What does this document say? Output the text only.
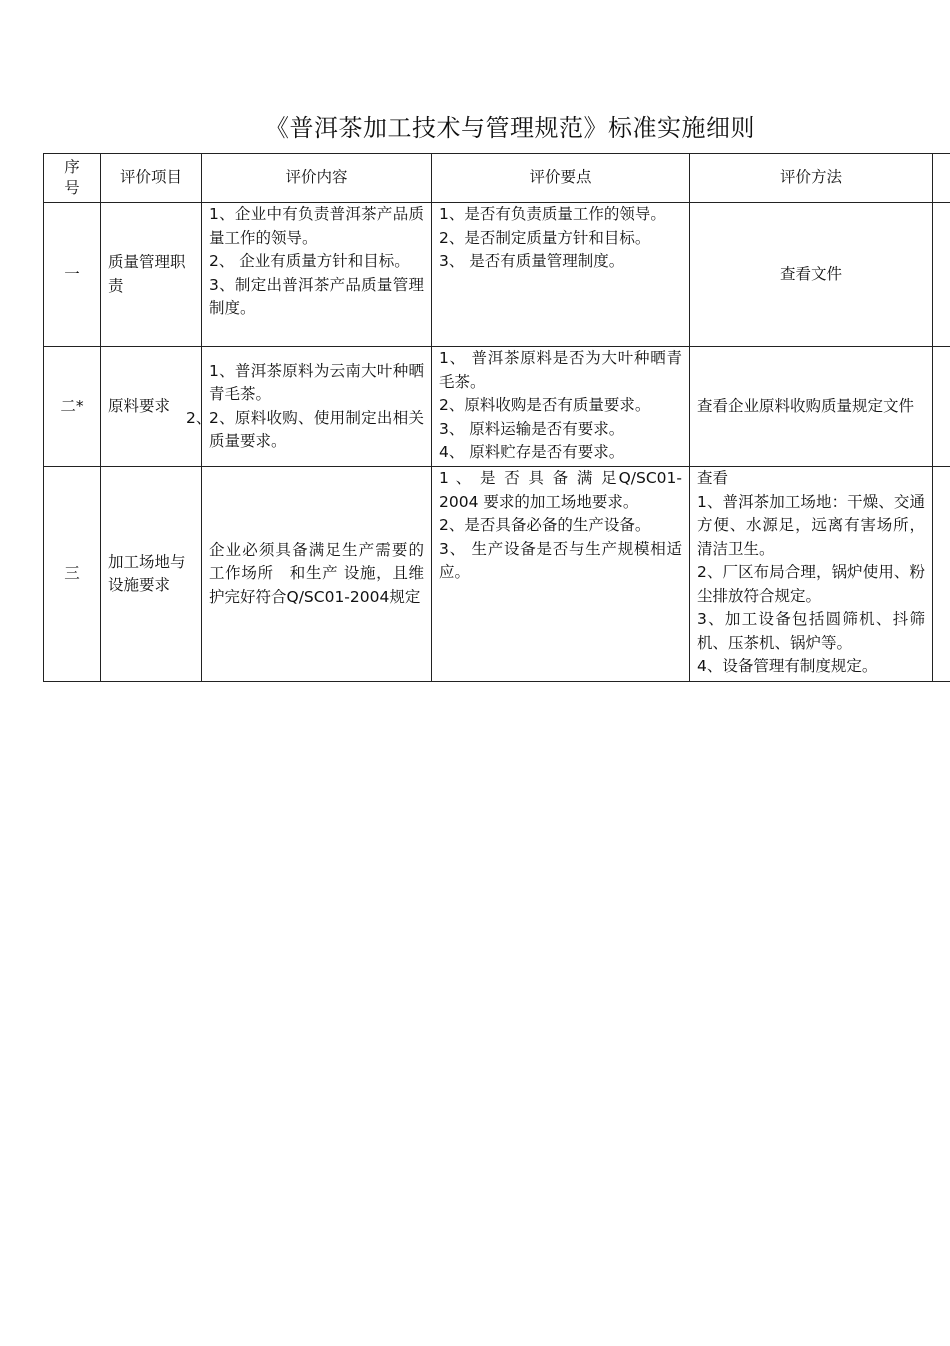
《普洱茶加工技术与管理规范》标准实施细则
序
号	评价项目	评价内容	评价要点	评价方法	
一	质量管理职责	1、企业中有负责普洱茶产品质量工作的领导。
2、 企业有质量方针和目标。
3、制定出普洱茶产品质量管理制度。	1、是否有负责质量工作的领导。
2、是否制定质量方针和目标。
3、 是否有质量管理制度。	查看文件	

二*	原料要求	1、普洱茶原料为云南大叶种晒青毛茶。
2、
2、原料收购、使用制定出相关质量要求。	1、 普洱茶原料是否为大叶种晒青毛茶。
2、原料收购是否有质量要求。
3、 原料运输是否有要求。
4、 原料贮存是否有要求。	查看企业原料收购质量规定文件	

三	加工场地与设施要求	企业必须具备满足生产需要的工作场所　和生产 设施，且维护完好符合Q/SC01-2004规定	1 、 是 否 具 备 满 足Q/SC01-2004 要求的加工场地要求。
2、是否具备必备的生产设备。
3、 生产设备是否与生产规模相适应。	查看
1、普洱茶加工场地：干燥、交通方便、水源足，远离有害场所，清洁卫生。
2、厂区布局合理，锅炉使用、粉尘排放符合规定。
3、加工设备包括圆筛机、抖筛机、压茶机、锅炉等。
4、设备管理有制度规定。	
